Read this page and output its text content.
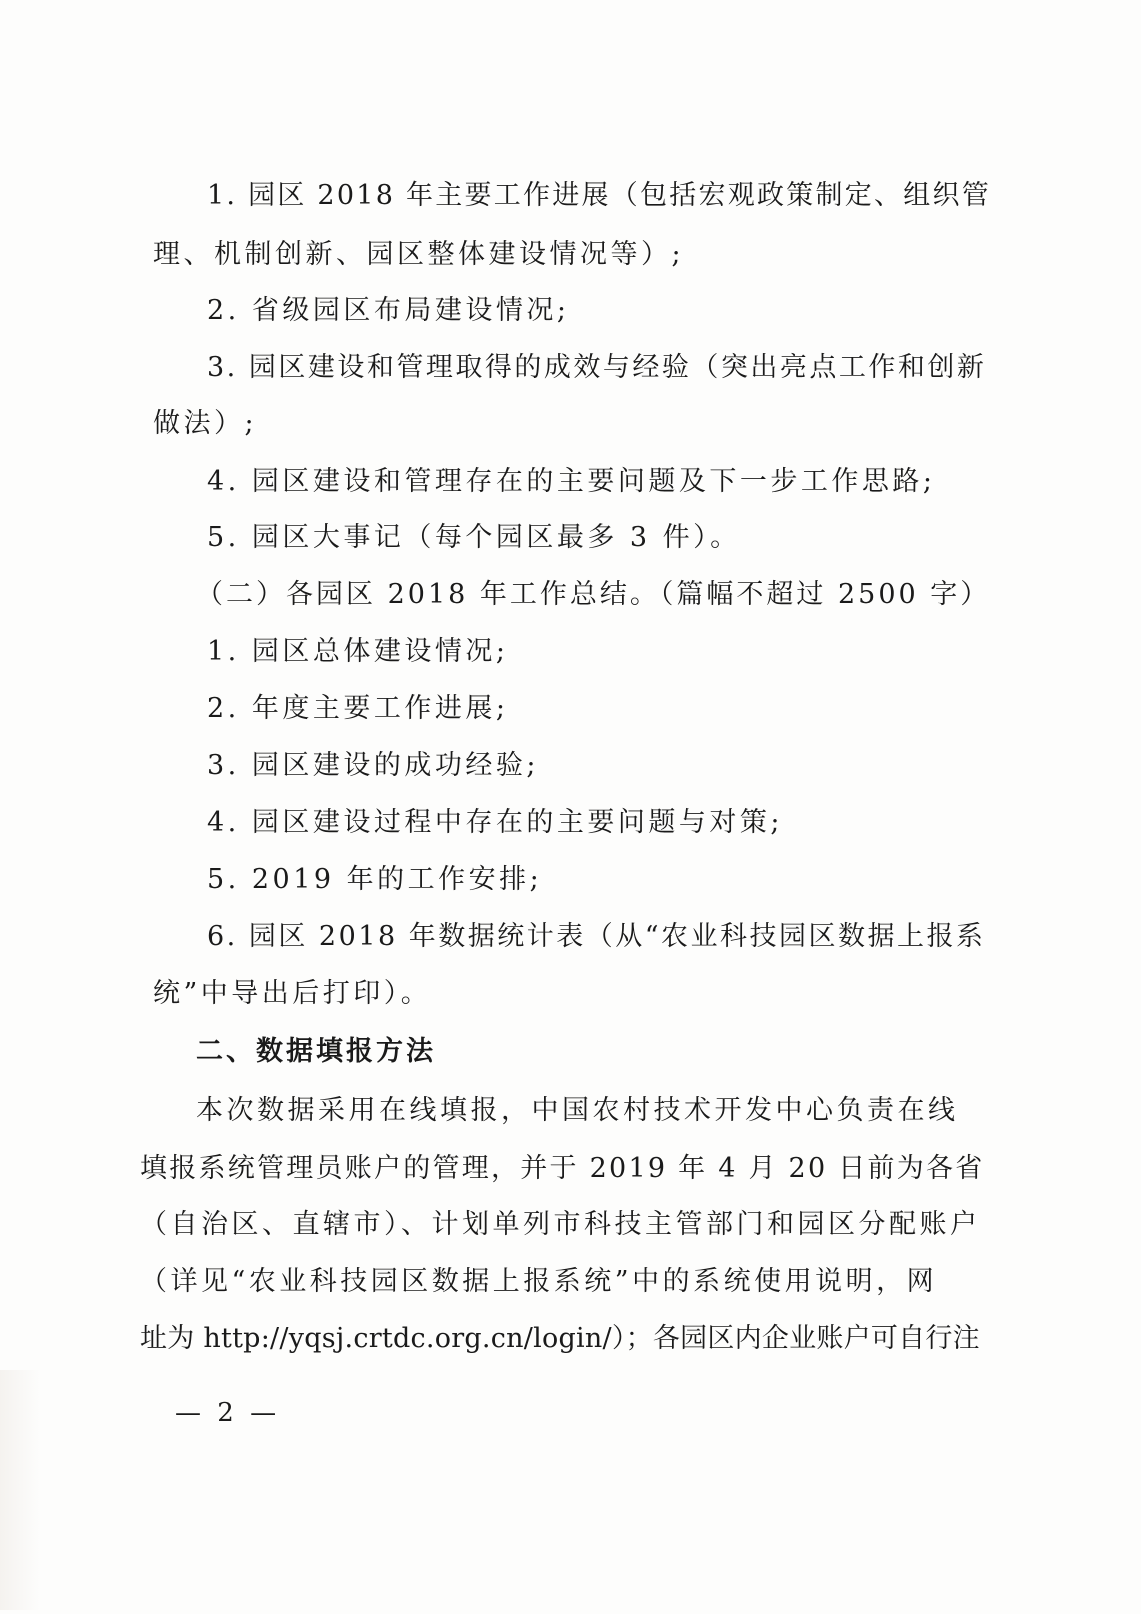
1. 园区 2018 年主要工作进展（包括宏观政策制定、组织管
理、机制创新、园区整体建设情况等）;
2. 省级园区布局建设情况;
3. 园区建设和管理取得的成效与经验（突出亮点工作和创新
做法）;
4. 园区建设和管理存在的主要问题及下一步工作思路;
5. 园区大事记（每个园区最多 3 件）。
（二）各园区 2018 年工作总结。（篇幅不超过 2500 字）
1. 园区总体建设情况;
2. 年度主要工作进展;
3. 园区建设的成功经验;
4. 园区建设过程中存在的主要问题与对策;
5. 2019 年的工作安排;
6. 园区 2018 年数据统计表（从“农业科技园区数据上报系
统”中导出后打印）。
二、数据填报方法
本次数据采用在线填报，中国农村技术开发中心负责在线
填报系统管理员账户的管理，并于 2019 年 4 月 20 日前为各省
（自治区、直辖市）、计划单列市科技主管部门和园区分配账户
（详见“农业科技园区数据上报系统”中的系统使用说明，网
址为 http://yqsj.crtdc.org.cn/login/）；各园区内企业账户可自行注
— 2 —
